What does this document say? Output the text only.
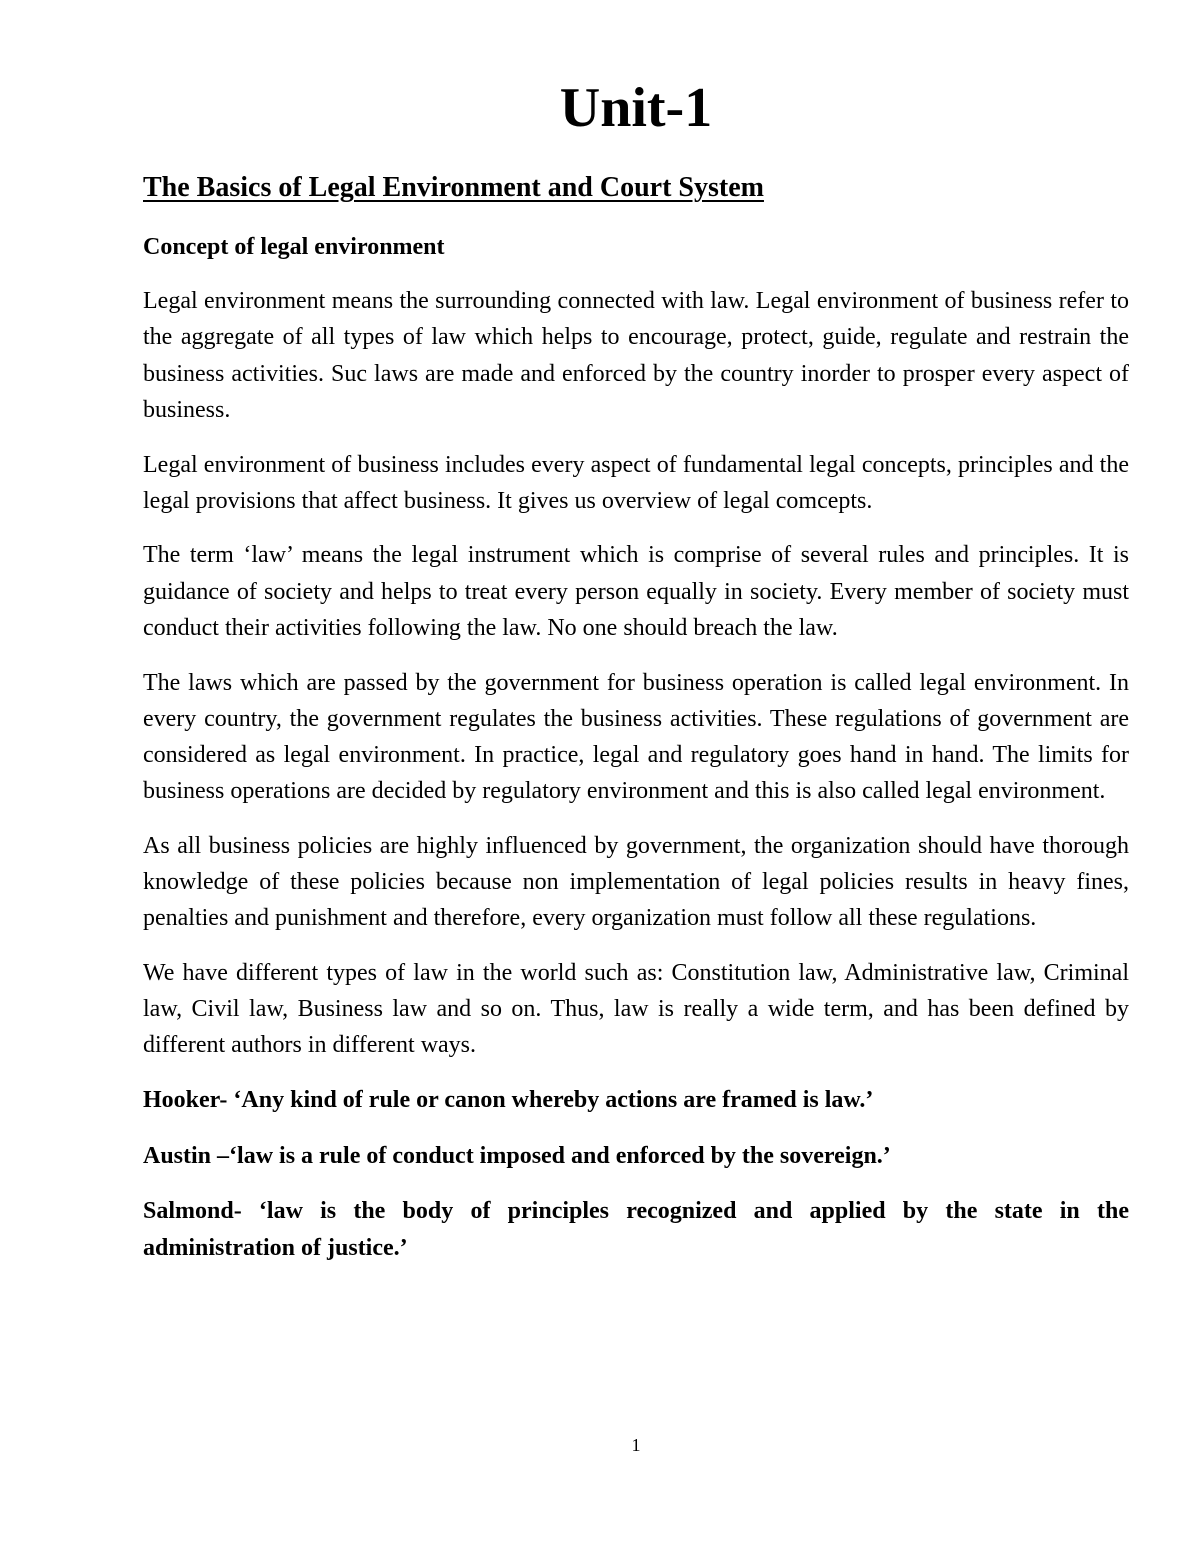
Unit-1
The Basics of Legal Environment and Court System

Concept of legal environment

Legal environment means the surrounding connected with law. Legal environment of business refer to the aggregate of all types of law which helps to encourage, protect, guide, regulate and restrain the business activities. Suc laws are made and enforced by the country inorder to prosper every aspect of business.

Legal environment of business includes every aspect of fundamental legal concepts, principles and the legal provisions that affect business. It gives us overview of legal comcepts.

The term ‘law’ means the legal instrument which is comprise of several rules and principles. It is guidance of society and helps to treat every person equally in society. Every member of society must conduct their activities following the law. No one should breach the law.

The laws which are passed by the government for business operation is called legal environment. In every country, the government regulates the business activities. These regulations of government are considered as legal environment. In practice, legal and regulatory goes hand in hand. The limits for business operations are decided by regulatory environment and this is also called legal environment.

As all business policies are highly influenced by government, the organization should have thorough knowledge of these policies because non implementation of legal policies results in heavy fines, penalties and punishment and therefore, every organization must follow all these regulations.

We have different types of law in the world such as: Constitution law, Administrative law, Criminal law, Civil law, Business law and so on. Thus, law is really a wide term, and has been defined by different authors in different ways.

Hooker- ‘Any kind of rule or canon whereby actions are framed is law.’

Austin –‘law is a rule of conduct imposed and enforced by the sovereign.’

Salmond- ‘law is the body of principles recognized and applied by the state in the administration of justice.’

1
